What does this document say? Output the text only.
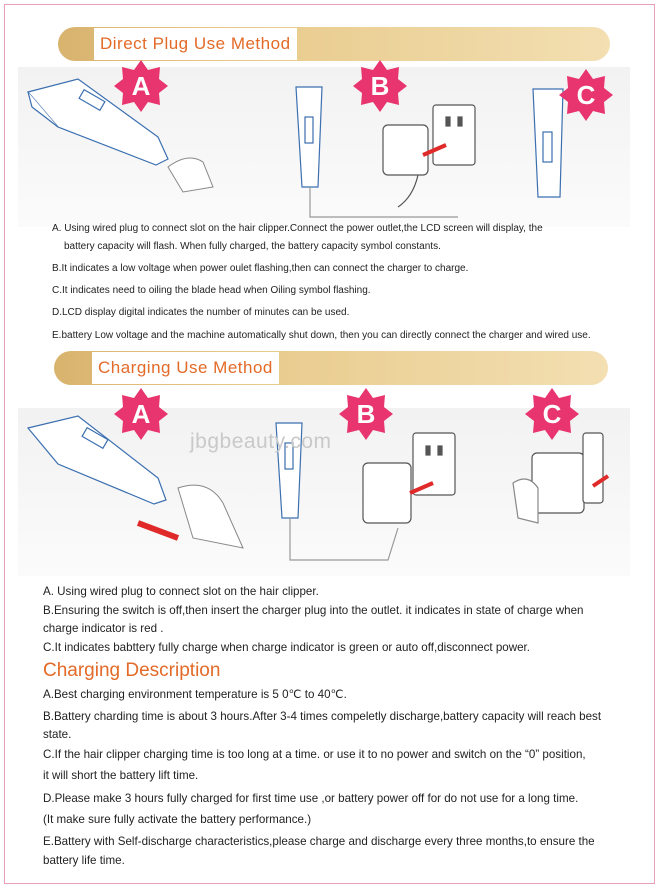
Direct Plug Use Method
A	B	C
A. Using wired plug to connect slot on the hair clipper.Connect the power outlet,the LCD screen will display, the
battery capacity will flash. When fully charged, the battery capacity symbol constants.
B.It indicates a low voltage when power oulet flashing,then can connect the charger to charge.
C.It indicates need to oiling the blade head when Oiling symbol flashing.
D.LCD display digital indicates the number of minutes can be used.
E.battery Low voltage and the machine automatically shut down, then you can directly connect the charger and wired use.
Charging Use Method
jbgbeauty.com
A	B	C
A. Using wired plug to connect slot on the hair clipper.
B.Ensuring the switch is off,then insert the charger plug into the outlet. it indicates in state of charge when
charge indicator is red .
C.It indicates babttery fully charge when charge indicator is green or auto off,disconnect power.
Charging Description
A.Best charging environment temperature is 5 0℃ to 40℃.
B.Battery charding time is about 3 hours.After 3-4 times compeletly discharge,battery capacity will reach best
state.
C.If the hair clipper charging time is too long at a time. or use it to no power and switch on the “0” position,
it will short the battery lift time.
D.Please make 3 hours fully charged for first time use ,or battery power off for do not use for a long time.
(It make sure fully activate the battery performance.)
E.Battery with Self-discharge characteristics,please charge and discharge every three months,to ensure the
battery life time.
